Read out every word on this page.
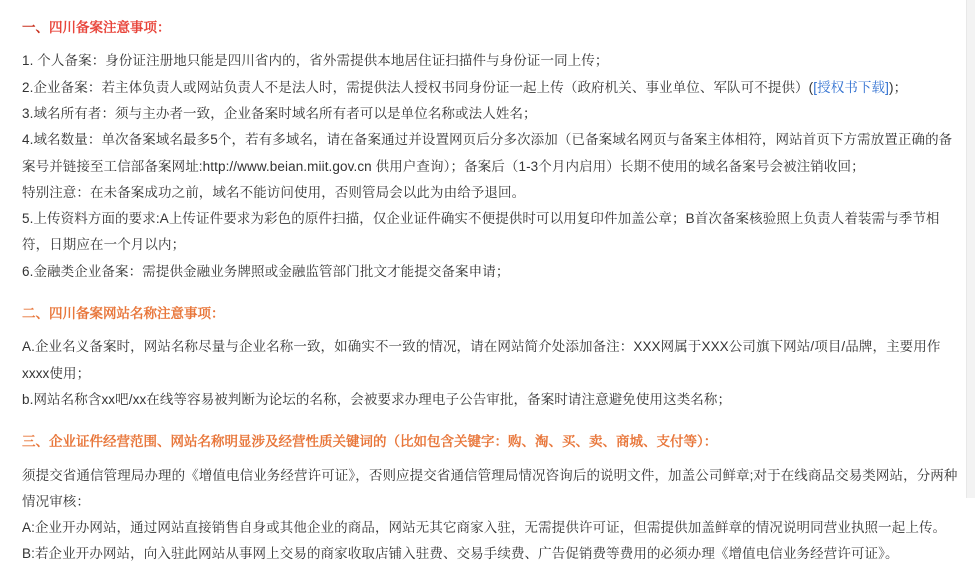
一、四川备案注意事项：

1. 个人备案：身份证注册地只能是四川省内的，省外需提供本地居住证扫描件与身份证一同上传；

2.企业备案：若主体负责人或网站负责人不是法人时，需提供法人授权书同身份证一起上传（政府机关、事业单位、军队可不提供）([授权书下载])；

3.域名所有者：须与主办者一致，企业备案时域名所有者可以是单位名称或法人姓名；

4.域名数量：单次备案域名最多5个，若有多域名，请在备案通过并设置网页后分多次添加（已备案域名网页与备案主体相符，网站首页下方需放置正确的备案号并链接至工信部备案网址:http://www.beian.miit.gov.cn 供用户查询）；备案后（1-3个月内启用）长期不使用的域名备案号会被注销收回；

特别注意：在未备案成功之前，域名不能访问使用，否则管局会以此为由给予退回。

5.上传资料方面的要求:A上传证件要求为彩色的原件扫描，仅企业证件确实不便提供时可以用复印件加盖公章；B首次备案核验照上负责人着装需与季节相符，日期应在一个月以内；

6.金融类企业备案：需提供金融业务牌照或金融监管部门批文才能提交备案申请；

二、四川备案网站名称注意事项：

A.企业名义备案时，网站名称尽量与企业名称一致，如确实不一致的情况，请在网站简介处添加备注：XXX网属于XXX公司旗下网站/项目/品牌，主要用作xxxx使用；

b.网站名称含xx吧/xx在线等容易被判断为论坛的名称，会被要求办理电子公告审批，备案时请注意避免使用这类名称；

三、企业证件经营范围、网站名称明显涉及经营性质关键词的（比如包含关键字：购、淘、买、卖、商城、支付等）：

须提交省通信管理局办理的《增值电信业务经营许可证》，否则应提交省通信管理局情况咨询后的说明文件，加盖公司鲜章;对于在线商品交易类网站，分两种情况审核：

A:企业开办网站，通过网站直接销售自身或其他企业的商品，网站无其它商家入驻，无需提供许可证，但需提供加盖鲜章的情况说明同营业执照一起上传。

B:若企业开办网站，向入驻此网站从事网上交易的商家收取店铺入驻费、交易手续费、广告促销费等费用的必须办理《增值电信业务经营许可证》。
